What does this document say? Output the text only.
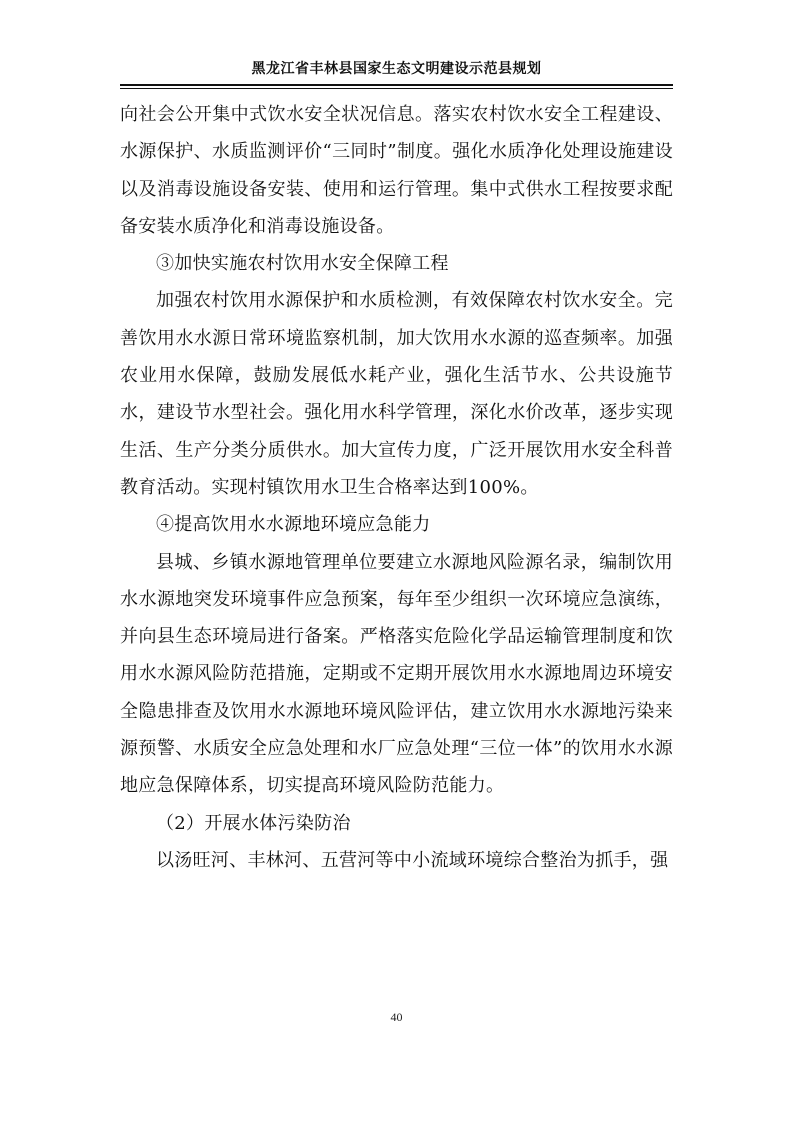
黑龙江省丰林县国家生态文明建设示范县规划

向社会公开集中式饮水安全状况信息。落实农村饮水安全工程建设、水源保护、水质监测评价“三同时”制度。强化水质净化处理设施建设以及消毒设施设备安装、使用和运行管理。集中式供水工程按要求配备安装水质净化和消毒设施设备。

③加快实施农村饮用水安全保障工程

加强农村饮用水源保护和水质检测，有效保障农村饮水安全。完善饮用水水源日常环境监察机制，加大饮用水水源的巡查频率。加强农业用水保障，鼓励发展低水耗产业，强化生活节水、公共设施节水，建设节水型社会。强化用水科学管理，深化水价改革，逐步实现生活、生产分类分质供水。加大宣传力度，广泛开展饮用水安全科普教育活动。实现村镇饮用水卫生合格率达到100%。

④提高饮用水水源地环境应急能力

县城、乡镇水源地管理单位要建立水源地风险源名录，编制饮用水水源地突发环境事件应急预案，每年至少组织一次环境应急演练，并向县生态环境局进行备案。严格落实危险化学品运输管理制度和饮用水水源风险防范措施，定期或不定期开展饮用水水源地周边环境安全隐患排查及饮用水水源地环境风险评估，建立饮用水水源地污染来源预警、水质安全应急处理和水厂应急处理“三位一体”的饮用水水源地应急保障体系，切实提高环境风险防范能力。

（2）开展水体污染防治

以汤旺河、丰林河、五营河等中小流域环境综合整治为抓手，强

40
